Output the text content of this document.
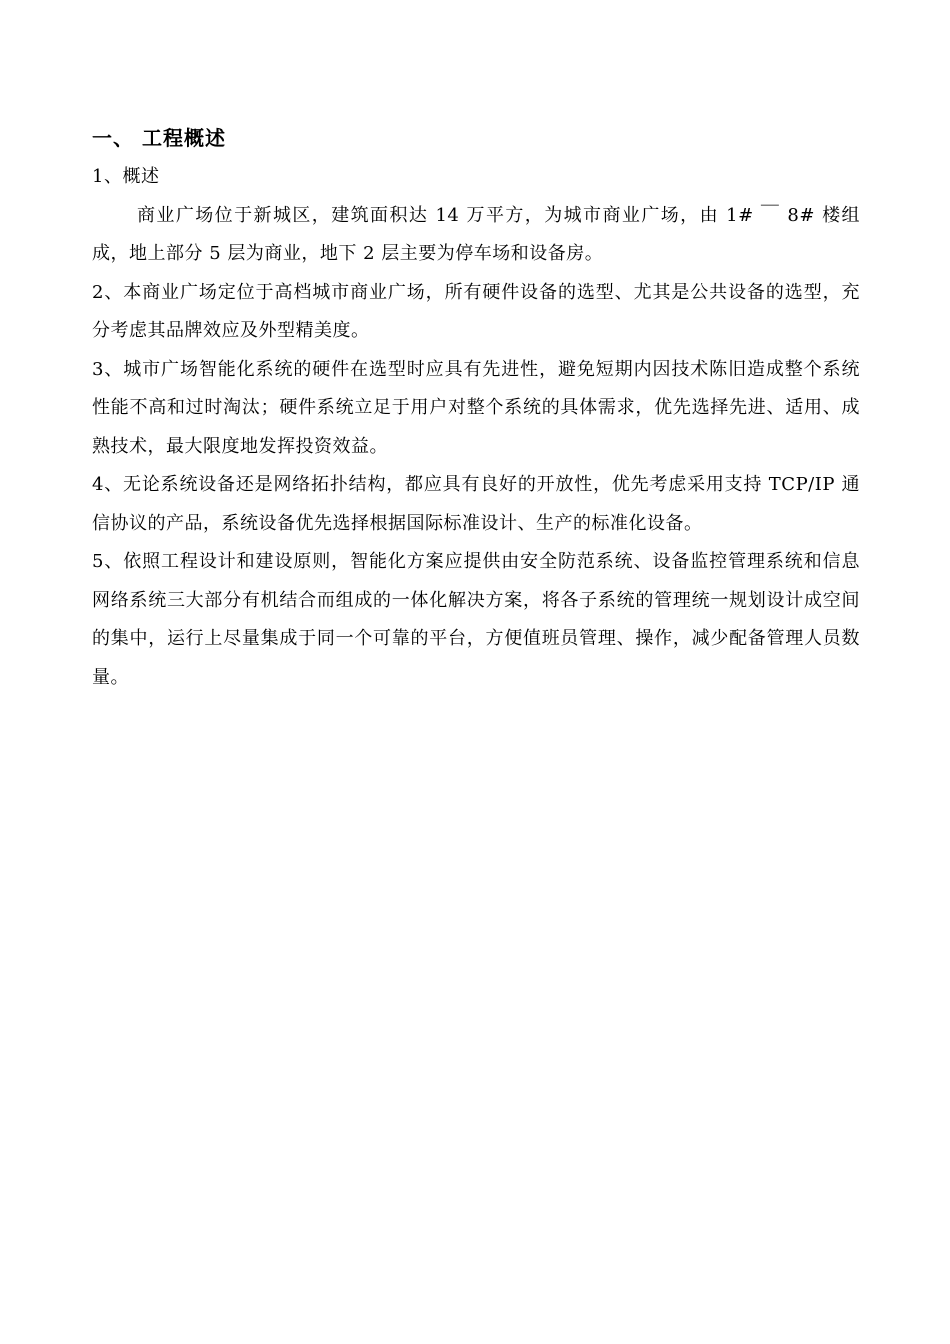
一、 工程概述
1、概述

商业广场位于新城区，建筑面积达 14 万平方，为城市商业广场，由 1# ￣ 8# 楼组成，地上部分 5 层为商业，地下 2 层主要为停车场和设备房。

2、本商业广场定位于高档城市商业广场，所有硬件设备的选型、尤其是公共设备的选型，充分考虑其品牌效应及外型精美度。

3、城市广场智能化系统的硬件在选型时应具有先进性，避免短期内因技术陈旧造成整个系统性能不高和过时淘汰；硬件系统立足于用户对整个系统的具体需求，优先选择先进、适用、成熟技术，最大限度地发挥投资效益。

4、无论系统设备还是网络拓扑结构，都应具有良好的开放性，优先考虑采用支持 TCP/IP 通信协议的产品，系统设备优先选择根据国际标准设计、生产的标准化设备。

5、依照工程设计和建设原则，智能化方案应提供由安全防范系统、设备监控管理系统和信息网络系统三大部分有机结合而组成的一体化解决方案，将各子系统的管理统一规划设计成空间的集中，运行上尽量集成于同一个可靠的平台，方便值班员管理、操作，减少配备管理人员数量。
